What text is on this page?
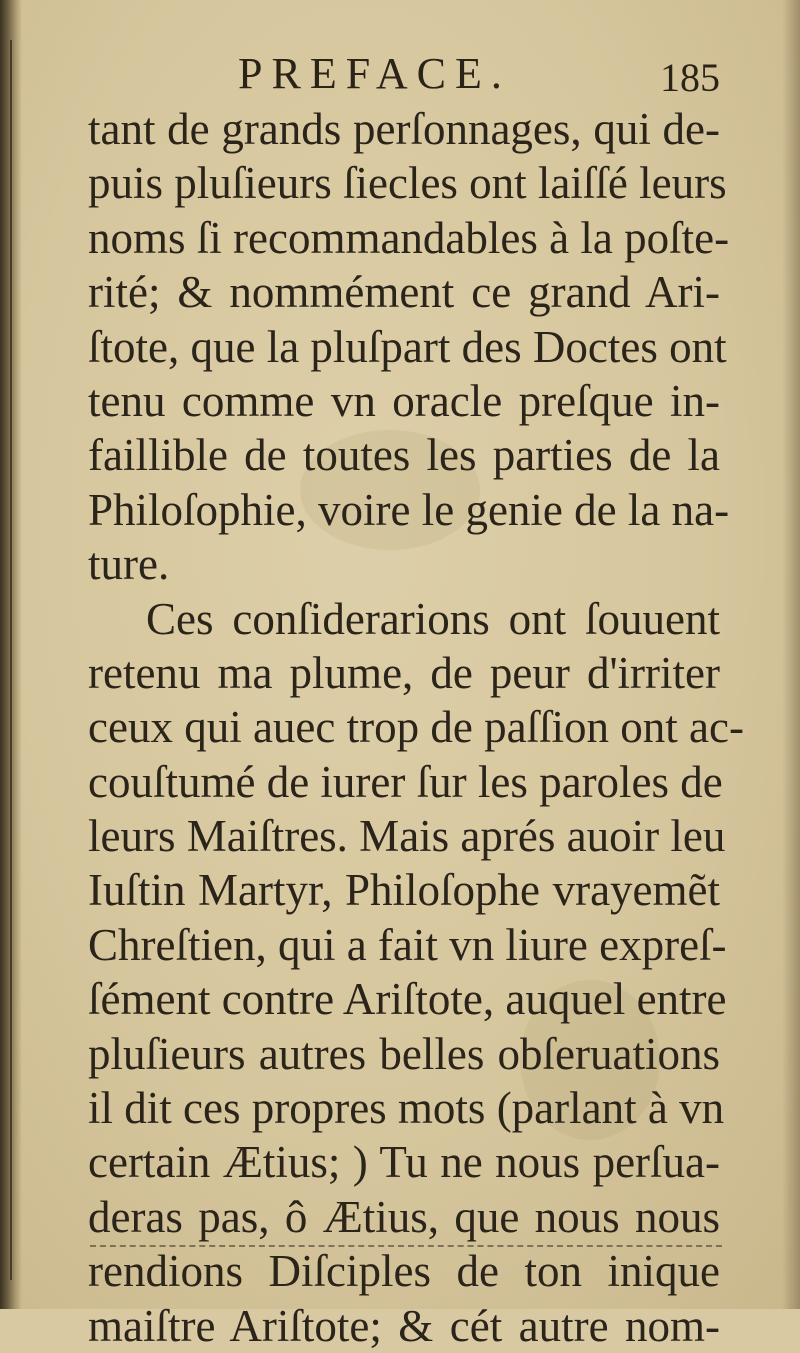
PREFACE.	185
tant de grands perſonnages, qui de-
puis pluſieurs ſiecles ont laiſſé leurs
noms ſi recommandables à la poſte-
rité; & nommément ce grand Ari-
ſtote, que la pluſpart des Doctes ont
tenu comme vn oracle preſque in-
faillible de toutes les parties de la
Philoſophie, voire le genie de la na-
ture.
Ces conſiderarions ont ſouuent
retenu ma plume, de peur d'irriter
ceux qui auec trop de paſſion ont ac-
couſtumé de iurer ſur les paroles de
leurs Maiſtres. Mais aprés auoir leu
Iuſtin Martyr, Philoſophe vrayemẽt
Chreſtien, qui a fait vn liure expreſ-
ſément contre Ariſtote, auquel entre
pluſieurs autres belles obſeruations
il dit ces propres mots (parlant à vn
certain Ætius; ) Tu ne nous perſua-
deras pas, ô Ætius, que nous nous
rendions Diſciples de ton inique
maiſtre Ariſtote; & cét autre nom-
